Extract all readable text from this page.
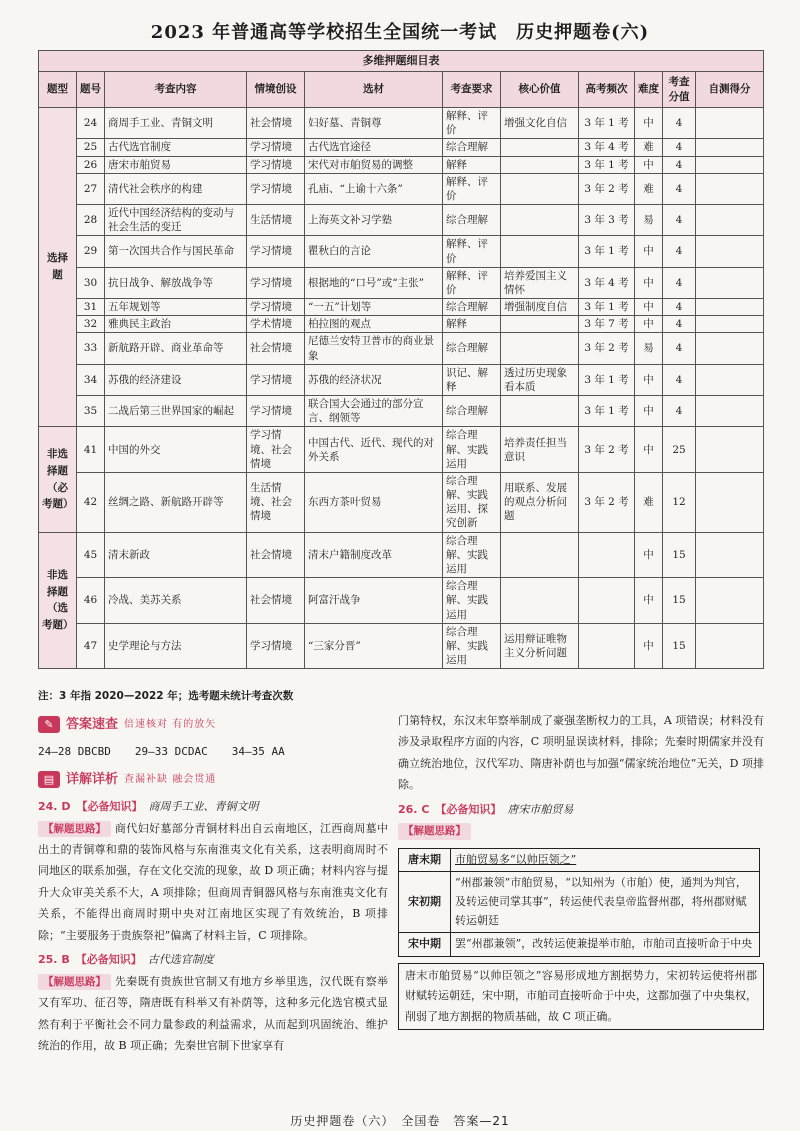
2023 年普通高等学校招生全国统一考试　历史押题卷(六)
多维押题细目表										
题型	题号	考查内容	情境创设	选材	考查要求	核心价值	高考频次	难度	考查分值	自测得分
选择题	24	商周手工业、青铜文明	社会情境	妇好墓、青铜尊	解释、评价	增强文化自信	3 年 1 考	中	4	
	25	古代选官制度	学习情境	古代选官途径	综合理解		3 年 4 考	难	4	
	26	唐宋市舶贸易	学习情境	宋代对市舶贸易的调整	解释		3 年 1 考	中	4	
	27	清代社会秩序的构建	学习情境	孔庙、“上谕十六条”	解释、评价		3 年 2 考	难	4	
	28	近代中国经济结构的变动与社会生活的变迁	生活情境	上海英文补习学塾	综合理解		3 年 3 考	易	4	
	29	第一次国共合作与国民革命	学习情境	瞿秋白的言论	解释、评价		3 年 1 考	中	4	
	30	抗日战争、解放战争等	学习情境	根据地的“口号”或“主张”	解释、评价	培养爱国主义情怀	3 年 4 考	中	4	
	31	五年规划等	学习情境	“一五”计划等	综合理解	增强制度自信	3 年 1 考	中	4	
	32	雅典民主政治	学术情境	柏拉图的观点	解释		3 年 7 考	中	4	
	33	新航路开辟、商业革命等	社会情境	尼德兰安特卫普市的商业景象	综合理解		3 年 2 考	易	4	
	34	苏俄的经济建设	学习情境	苏俄的经济状况	识记、解释	透过历史现象看本质	3 年 1 考	中	4	
	35	二战后第三世界国家的崛起	学习情境	联合国大会通过的部分宣言、纲领等	综合理解		3 年 1 考	中	4	
非选择题（必考题）	41	中国的外交	学习情境、社会情境	中国古代、近代、现代的对外关系	综合理解、实践运用	培养责任担当意识	3 年 2 考	中	25	
	42	丝绸之路、新航路开辟等	生活情境、社会情境	东西方茶叶贸易	综合理解、实践运用、探究创新	用联系、发展的观点分析问题	3 年 2 考	难	12	
非选择题（选考题）	45	清末新政	社会情境	清末户籍制度改革	综合理解、实践运用			中	15	
	46	冷战、美苏关系	社会情境	阿富汗战争	综合理解、实践运用			中	15	
	47	史学理论与方法	学习情境	“三家分晋”	综合理解、实践运用	运用辩证唯物主义分析问题		中	15	
注：3 年指 2020—2022 年；选考题未统计考查次数
✎ 答案速查 倍速核对 有的放矢
24—28 DBCBD 29—33 DCDAC 34—35 AA
▤ 详解详析 查漏补缺 融会贯通
24. D 【必备知识】 商周手工业、青铜文明
【解题思路】 商代妇好墓部分青铜材料出自云南地区，江西商周墓中出土的青铜尊和鼎的装饰风格与东南淮夷文化有关系，这表明商周时不同地区的联系加强，存在文化交流的现象，故 D 项正确；材料内容与提升大众审美关系不大，A 项排除；但商周青铜器风格与东南淮夷文化有关系，不能得出商周时期中央对江南地区实现了有效统治，B 项排除；“主要服务于贵族祭祀”偏离了材料主旨，C 项排除。
25. B 【必备知识】 古代选官制度
【解题思路】 先秦既有贵族世官制又有地方乡举里选，汉代既有察举又有军功、征召等，隋唐既有科举又有补荫等，这种多元化选官模式显然有利于平衡社会不同力量参政的利益需求，从而起到巩固统治、维护统治的作用，故 B 项正确；先秦世官制下世家享有
门第特权，东汉末年察举制成了豪强垄断权力的工具，A 项错误；材料没有涉及录取程序方面的内容，C 项明显误读材料，排除；先秦时期儒家并没有确立统治地位，汉代军功、隋唐补荫也与加强“儒家统治地位”无关，D 项排除。
26. C 【必备知识】 唐宋市舶贸易
【解题思路】
唐末期	市舶贸易多“以帅臣领之”
宋初期	“州郡兼领”市舶贸易，“以知州为（市舶）使，通判为判官，及转运使司掌其事”，转运使代表皇帝监督州郡，将州郡财赋转运朝廷
宋中期	罢“州郡兼领”，改转运使兼提举市舶，市舶司直接听命于中央
唐末市舶贸易“以帅臣领之”容易形成地方割据势力，宋初转运使将州郡财赋转运朝廷，宋中期，市舶司直接听命于中央，这都加强了中央集权，削弱了地方割据的物质基础，故 C 项正确。
历史押题卷（六）　全国卷　答案—21
